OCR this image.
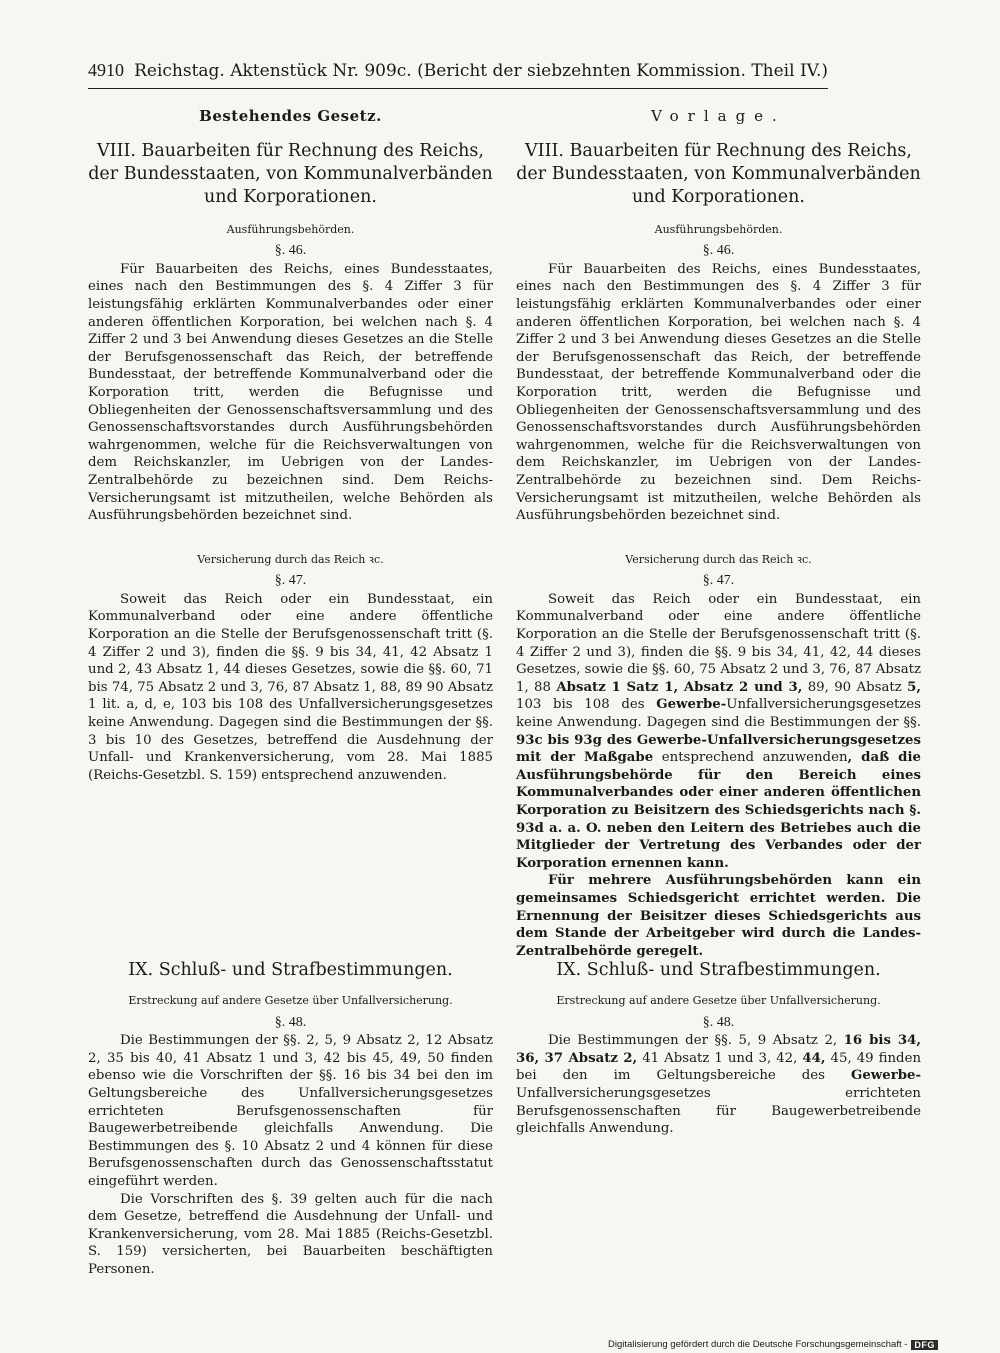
4910 Reichstag. Aktenstück Nr. 909c. (Bericht der siebzehnten Kommission. Theil IV.)
Bestehendes Gesetz.
VIII. Bauarbeiten für Rechnung des Reichs, der Bundesstaaten, von Kommunalverbänden und Korporationen.
Ausführungsbehörden.
§. 46.

Für Bauarbeiten des Reichs, eines Bundesstaates, eines nach den Bestimmungen des §. 4 Ziffer 3 für leistungsfähig erklärten Kommunalverbandes oder einer anderen öffentlichen Korporation, bei welchen nach §. 4 Ziffer 2 und 3 bei Anwendung dieses Gesetzes an die Stelle der Berufsgenossenschaft das Reich, der betreffende Bundesstaat, der betreffende Kommunalverband oder die Korporation tritt, werden die Befugnisse und Obliegenheiten der Genossenschaftsversammlung und des Genossenschaftsvorstandes durch Ausführungsbehörden wahrgenommen, welche für die Reichsverwaltungen von dem Reichskanzler, im Uebrigen von der Landes-Zentralbehörde zu bezeichnen sind. Dem Reichs-Versicherungsamt ist mitzutheilen, welche Behörden als Ausführungsbehörden bezeichnet sind.

Versicherung durch das Reich ꝛc.
§. 47.

Soweit das Reich oder ein Bundesstaat, ein Kommunalverband oder eine andere öffentliche Korporation an die Stelle der Berufsgenossenschaft tritt (§. 4 Ziffer 2 und 3), finden die §§. 9 bis 34, 41, 42 Absatz 1 und 2, 43 Absatz 1, 44 dieses Gesetzes, sowie die §§. 60, 71 bis 74, 75 Absatz 2 und 3, 76, 87 Absatz 1, 88, 89 90 Absatz 1 lit. a, d, e, 103 bis 108 des Unfallversicherungsgesetzes keine Anwendung. Dagegen sind die Bestimmungen der §§. 3 bis 10 des Gesetzes, betreffend die Ausdehnung der Unfall- und Krankenversicherung, vom 28. Mai 1885 (Reichs-Gesetzbl. S. 159) entsprechend anzuwenden.

IX. Schluß- und Strafbestimmungen.
Erstreckung auf andere Gesetze über Unfallversicherung.
§. 48.

Die Bestimmungen der §§. 2, 5, 9 Absatz 2, 12 Absatz 2, 35 bis 40, 41 Absatz 1 und 3, 42 bis 45, 49, 50 finden ebenso wie die Vorschriften der §§. 16 bis 34 bei den im Geltungsbereiche des Unfallversicherungsgesetzes errichteten Berufsgenossenschaften für Baugewerbetreibende gleichfalls Anwendung. Die Bestimmungen des §. 10 Absatz 2 und 4 können für diese Berufsgenossenschaften durch das Genossenschaftsstatut eingeführt werden.

Die Vorschriften des §. 39 gelten auch für die nach dem Gesetze, betreffend die Ausdehnung der Unfall- und Krankenversicherung, vom 28. Mai 1885 (Reichs-Gesetzbl. S. 159) versicherten, bei Bauarbeiten beschäftigten Personen.

Vorlage.
VIII. Bauarbeiten für Rechnung des Reichs, der Bundesstaaten, von Kommunalverbänden und Korporationen.
Ausführungsbehörden.
§. 46.

Für Bauarbeiten des Reichs, eines Bundesstaates, eines nach den Bestimmungen des §. 4 Ziffer 3 für leistungsfähig erklärten Kommunalverbandes oder einer anderen öffentlichen Korporation, bei welchen nach §. 4 Ziffer 2 und 3 bei Anwendung dieses Gesetzes an die Stelle der Berufsgenossenschaft das Reich, der betreffende Bundesstaat, der betreffende Kommunalverband oder die Korporation tritt, werden die Befugnisse und Obliegenheiten der Genossenschaftsversammlung und des Genossenschaftsvorstandes durch Ausführungsbehörden wahrgenommen, welche für die Reichsverwaltungen von dem Reichskanzler, im Uebrigen von der Landes-Zentralbehörde zu bezeichnen sind. Dem Reichs-Versicherungsamt ist mitzutheilen, welche Behörden als Ausführungsbehörden bezeichnet sind.

Versicherung durch das Reich ꝛc.
§. 47.

Soweit das Reich oder ein Bundesstaat, ein Kommunalverband oder eine andere öffentliche Korporation an die Stelle der Berufsgenossenschaft tritt (§. 4 Ziffer 2 und 3), finden die §§. 9 bis 34, 41, 42, 44 dieses Gesetzes, sowie die §§. 60, 75 Absatz 2 und 3, 76, 87 Absatz 1, 88 Absatz 1 Satz 1, Absatz 2 und 3, 89, 90 Absatz 5, 103 bis 108 des Gewerbe-Unfallversicherungsgesetzes keine Anwendung. Dagegen sind die Bestimmungen der §§. 93c bis 93g des Gewerbe-Unfallversicherungsgesetzes mit der Maßgabe entsprechend anzuwenden, daß die Ausführungsbehörde für den Bereich eines Kommunalverbandes oder einer anderen öffentlichen Korporation zu Beisitzern des Schiedsgerichts nach §. 93d a. a. O. neben den Leitern des Betriebes auch die Mitglieder der Vertretung des Verbandes oder der Korporation ernennen kann.

Für mehrere Ausführungsbehörden kann ein gemeinsames Schiedsgericht errichtet werden. Die Ernennung der Beisitzer dieses Schiedsgerichts aus dem Stande der Arbeitgeber wird durch die Landes-Zentralbehörde geregelt.

IX. Schluß- und Strafbestimmungen.
Erstreckung auf andere Gesetze über Unfallversicherung.
§. 48.

Die Bestimmungen der §§. 5, 9 Absatz 2, 16 bis 34, 36, 37 Absatz 2, 41 Absatz 1 und 3, 42, 44, 45, 49 finden bei den im Geltungsbereiche des Gewerbe-Unfallversicherungsgesetzes errichteten Berufsgenossenschaften für Baugewerbetreibende gleichfalls Anwendung.

Digitalisierung gefördert durch die Deutsche Forschungsgemeinschaft - DFG
